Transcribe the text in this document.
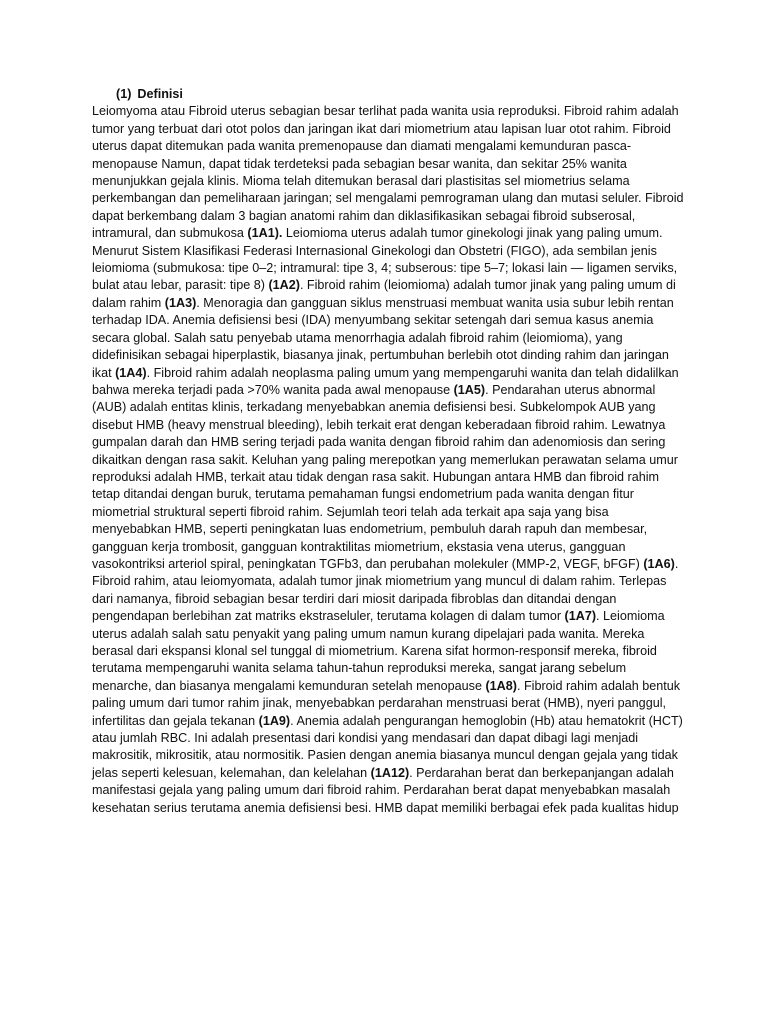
(1) Definisi

Leiomyoma atau Fibroid uterus sebagian besar terlihat pada wanita usia reproduksi. Fibroid rahim adalah tumor yang terbuat dari otot polos dan jaringan ikat dari miometrium atau lapisan luar otot rahim. Fibroid uterus dapat ditemukan pada wanita premenopause dan diamati mengalami kemunduran pasca-menopause Namun, dapat tidak terdeteksi pada sebagian besar wanita, dan sekitar 25% wanita menunjukkan gejala klinis. Mioma telah ditemukan berasal dari plastisitas sel miometrius selama perkembangan dan pemeliharaan jaringan; sel mengalami pemrograman ulang dan mutasi seluler. Fibroid dapat berkembang dalam 3 bagian anatomi rahim dan diklasifikasikan sebagai fibroid subserosal, intramural, dan submukosa (1A1). Leiomioma uterus adalah tumor ginekologi jinak yang paling umum. Menurut Sistem Klasifikasi Federasi Internasional Ginekologi dan Obstetri (FIGO), ada sembilan jenis leiomioma (submukosa: tipe 0–2; intramural: tipe 3, 4; subserous: tipe 5–7; lokasi lain — ligamen serviks, bulat atau lebar, parasit: tipe 8) (1A2). Fibroid rahim (leiomioma) adalah tumor jinak yang paling umum di dalam rahim (1A3). Menoragia dan gangguan siklus menstruasi membuat wanita usia subur lebih rentan terhadap IDA. Anemia defisiensi besi (IDA) menyumbang sekitar setengah dari semua kasus anemia secara global. Salah satu penyebab utama menorrhagia adalah fibroid rahim (leiomioma), yang didefinisikan sebagai hiperplastik, biasanya jinak, pertumbuhan berlebih otot dinding rahim dan jaringan ikat (1A4). Fibroid rahim adalah neoplasma paling umum yang mempengaruhi wanita dan telah didalilkan bahwa mereka terjadi pada >70% wanita pada awal menopause (1A5). Pendarahan uterus abnormal (AUB) adalah entitas klinis, terkadang menyebabkan anemia defisiensi besi. Subkelompok AUB yang disebut HMB (heavy menstrual bleeding), lebih terkait erat dengan keberadaan fibroid rahim. Lewatnya gumpalan darah dan HMB sering terjadi pada wanita dengan fibroid rahim dan adenomiosis dan sering dikaitkan dengan rasa sakit. Keluhan yang paling merepotkan yang memerlukan perawatan selama umur reproduksi adalah HMB, terkait atau tidak dengan rasa sakit. Hubungan antara HMB dan fibroid rahim tetap ditandai dengan buruk, terutama pemahaman fungsi endometrium pada wanita dengan fitur miometrial struktural seperti fibroid rahim. Sejumlah teori telah ada terkait apa saja yang bisa menyebabkan HMB, seperti peningkatan luas endometrium, pembuluh darah rapuh dan membesar, gangguan kerja trombosit, gangguan kontraktilitas miometrium, ekstasia vena uterus, gangguan vasokontriksi arteriol spiral, peningkatan TGFb3, dan perubahan molekuler (MMP-2, VEGF, bFGF) (1A6). Fibroid rahim, atau leiomyomata, adalah tumor jinak miometrium yang muncul di dalam rahim. Terlepas dari namanya, fibroid sebagian besar terdiri dari miosit daripada fibroblas dan ditandai dengan pengendapan berlebihan zat matriks ekstraseluler, terutama kolagen di dalam tumor (1A7). Leiomioma uterus adalah salah satu penyakit yang paling umum namun kurang dipelajari pada wanita. Mereka berasal dari ekspansi klonal sel tunggal di miometrium. Karena sifat hormon-responsif mereka, fibroid terutama mempengaruhi wanita selama tahun-tahun reproduksi mereka, sangat jarang sebelum menarche, dan biasanya mengalami kemunduran setelah menopause (1A8). Fibroid rahim adalah bentuk paling umum dari tumor rahim jinak, menyebabkan perdarahan menstruasi berat (HMB), nyeri panggul, infertilitas dan gejala tekanan (1A9). Anemia adalah pengurangan hemoglobin (Hb) atau hematokrit (HCT) atau jumlah RBC. Ini adalah presentasi dari kondisi yang mendasari dan dapat dibagi lagi menjadi makrositik, mikrositik, atau normositik. Pasien dengan anemia biasanya muncul dengan gejala yang tidak jelas seperti kelesuan, kelemahan, dan kelelahan (1A12). Perdarahan berat dan berkepanjangan adalah manifestasi gejala yang paling umum dari fibroid rahim. Perdarahan berat dapat menyebabkan masalah kesehatan serius terutama anemia defisiensi besi. HMB dapat memiliki berbagai efek pada kualitas hidup
